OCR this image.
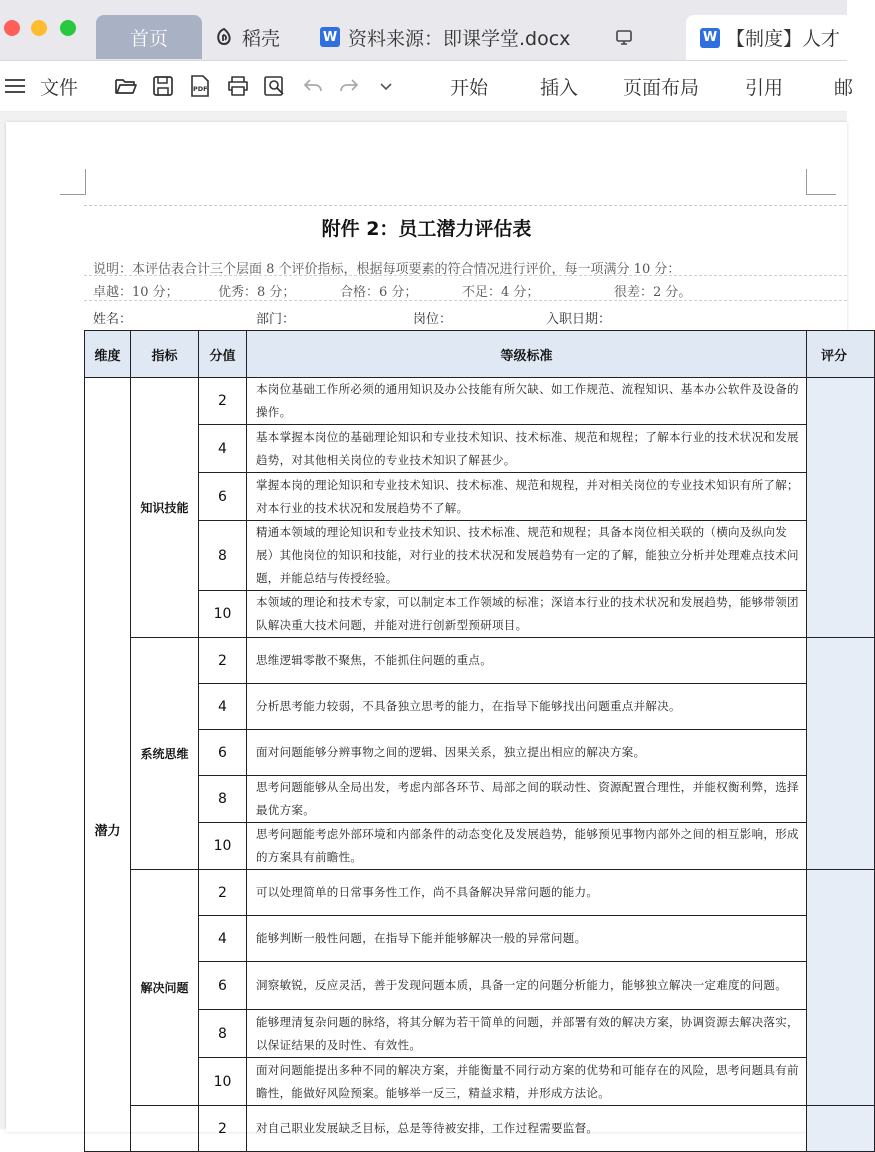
首页	稻壳	W 资料来源：即课学堂.docx	W 【制度】人才
文件	PDF	开始	插入 页面布局 引用	邮
附件 2：员工潜力评估表
说明：本评估表合计三个层面 8 个评价指标，根据每项要素的符合情况进行评价，每一项满分 10 分：
卓越：10 分；	优秀：8 分；	合格：6 分；	不足：4 分；	很差：2 分。
姓名：	部门：	岗位：	入职日期：
维度	指标	分值	等级标准	评分
潜力	知识技能	2	本岗位基础工作所必须的通用知识及办公技能有所欠缺、如工作规范、流程知识、基本办公软件及设备的操作。	
		4	基本掌握本岗位的基础理论知识和专业技术知识、技术标准、规范和规程；了解本行业的技术状况和发展趋势，对其他相关岗位的专业技术知识了解甚少。	
		6	掌握本岗的理论知识和专业技术知识、技术标准、规范和规程，并对相关岗位的专业技术知识有所了解；对本行业的技术状况和发展趋势不了解。	
		8	精通本领域的理论知识和专业技术知识、技术标准、规范和规程；具备本岗位相关联的（横向及纵向发展）其他岗位的知识和技能，对行业的技术状况和发展趋势有一定的了解，能独立分析并处理难点技术问题，并能总结与传授经验。	
		10	本领域的理论和技术专家，可以制定本工作领域的标准；深谙本行业的技术状况和发展趋势，能够带领团队解决重大技术问题，并能对进行创新型预研项目。	
	系统思维	2	思维逻辑零散不聚焦，不能抓住问题的重点。	
		4	分析思考能力较弱，不具备独立思考的能力，在指导下能够找出问题重点并解决。	
		6	面对问题能够分辨事物之间的逻辑、因果关系，独立提出相应的解决方案。	
		8	思考问题能够从全局出发，考虑内部各环节、局部之间的联动性、资源配置合理性，并能权衡利弊，选择最优方案。	
		10	思考问题能考虑外部环境和内部条件的动态变化及发展趋势，能够预见事物内部外之间的相互影响，形成的方案具有前瞻性。	
	解决问题	2	可以处理简单的日常事务性工作，尚不具备解决异常问题的能力。	
		4	能够判断一般性问题，在指导下能并能够解决一般的异常问题。	
		6	洞察敏锐，反应灵活，善于发现问题本质，具备一定的问题分析能力，能够独立解决一定难度的问题。	
		8	能够理清复杂问题的脉络，将其分解为若干简单的问题，并部署有效的解决方案，协调资源去解决落实，以保证结果的及时性、有效性。	
		10	面对问题能提出多种不同的解决方案，并能衡量不同行动方案的优势和可能存在的风险，思考问题具有前瞻性，能做好风险预案。能够举一反三，精益求精，并形成方法论。	
		2	对自己职业发展缺乏目标，总是等待被安排，工作过程需要监督。	
